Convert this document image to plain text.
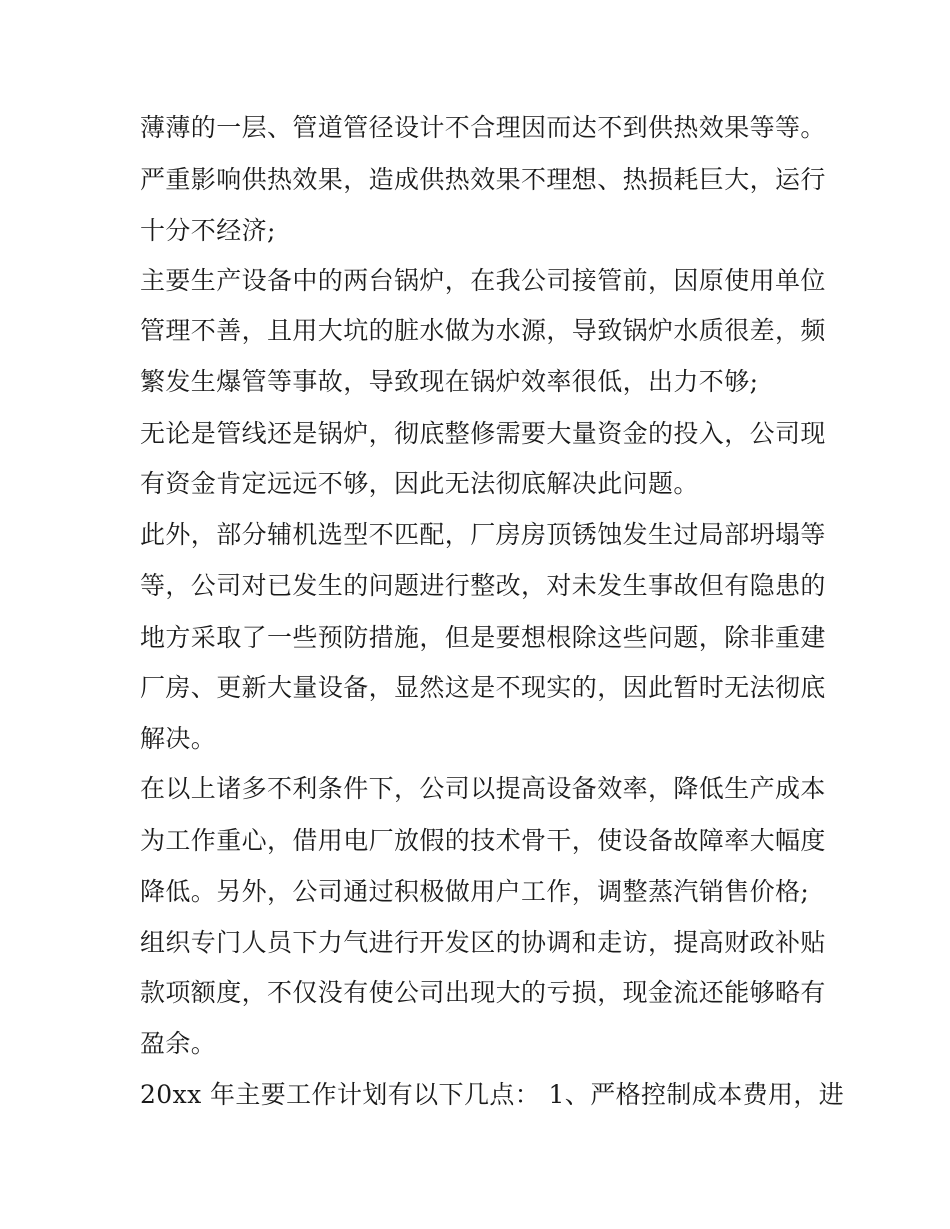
薄薄的一层、管道管径设计不合理因而达不到供热效果等等。
严重影响供热效果，造成供热效果不理想、热损耗巨大，运行
十分不经济;
主要生产设备中的两台锅炉，在我公司接管前，因原使用单位
管理不善，且用大坑的脏水做为水源，导致锅炉水质很差，频
繁发生爆管等事故，导致现在锅炉效率很低，出力不够;
无论是管线还是锅炉，彻底整修需要大量资金的投入，公司现
有资金肯定远远不够，因此无法彻底解决此问题。
此外，部分辅机选型不匹配，厂房房顶锈蚀发生过局部坍塌等
等，公司对已发生的问题进行整改，对未发生事故但有隐患的
地方采取了一些预防措施，但是要想根除这些问题，除非重建
厂房、更新大量设备，显然这是不现实的，因此暂时无法彻底
解决。
在以上诸多不利条件下，公司以提高设备效率，降低生产成本
为工作重心，借用电厂放假的技术骨干，使设备故障率大幅度
降低。另外，公司通过积极做用户工作，调整蒸汽销售价格;
组织专门人员下力气进行开发区的协调和走访，提高财政补贴
款项额度，不仅没有使公司出现大的亏损，现金流还能够略有
盈余。
20xx 年主要工作计划有以下几点： 1、严格控制成本费用，进
